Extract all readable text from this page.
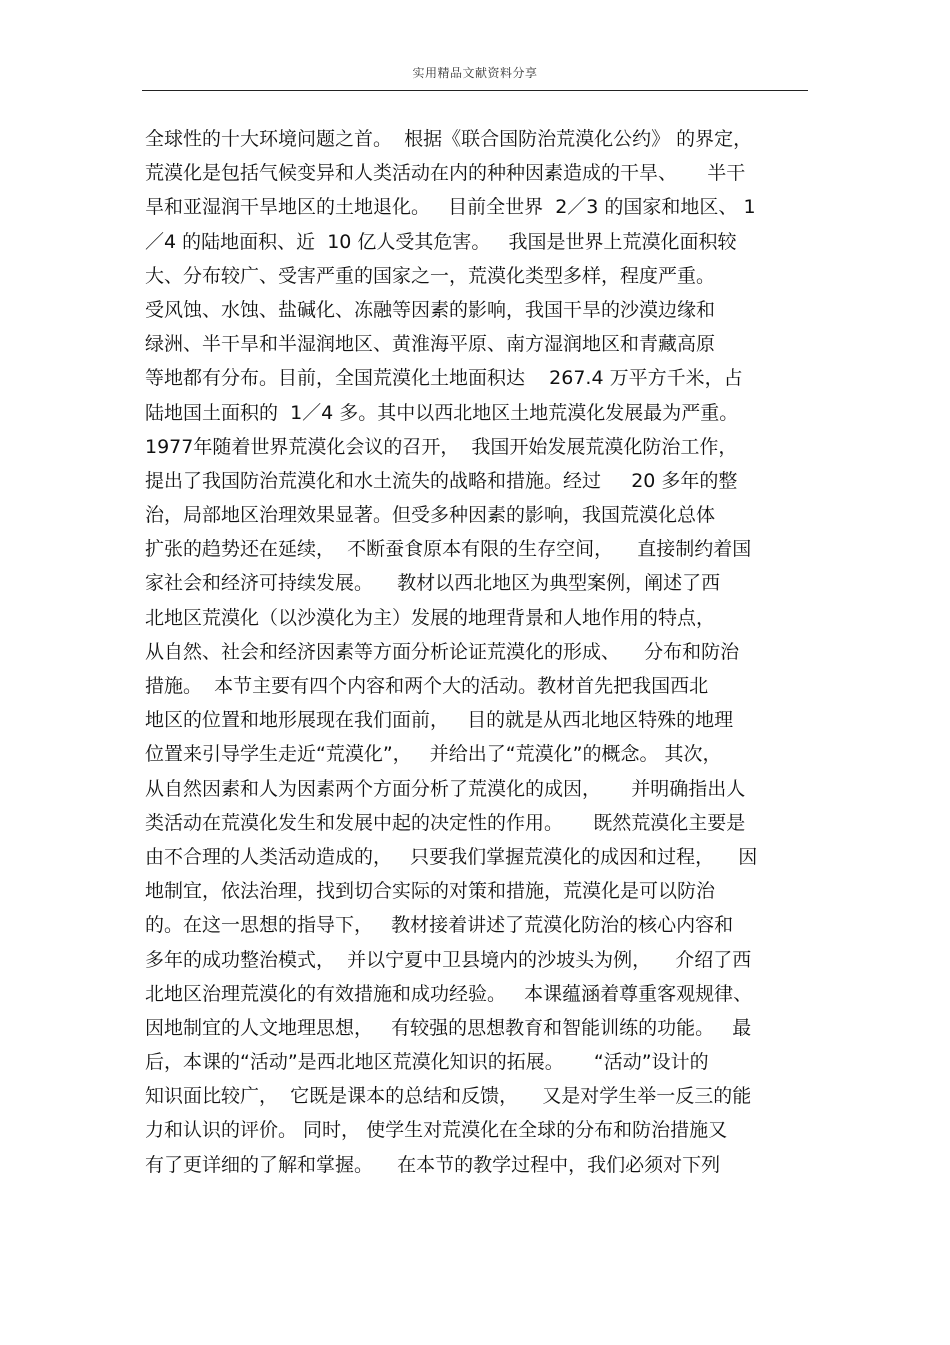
实用精品文献资料分享
全球性的十大环境问题之首。  根据《联合国防治荒漠化公约》 的界定，
荒漠化是包括气候变异和人类活动在内的种种因素造成的干旱、     半干
旱和亚湿润干旱地区的土地退化。   目前全世界  2／3 的国家和地区、 1
／4 的陆地面积、近  10 亿人受其危害。   我国是世界上荒漠化面积较
大、分布较广、受害严重的国家之一，荒漠化类型多样，程度严重。
受风蚀、水蚀、盐碱化、冻融等因素的影响，我国干旱的沙漠边缘和
绿洲、半干旱和半湿润地区、黄淮海平原、南方湿润地区和青藏高原
等地都有分布。目前，全国荒漠化土地面积达    267.4 万平方千米，占
陆地国土面积的  1／4 多。其中以西北地区土地荒漠化发展最为严重。
1977年随着世界荒漠化会议的召开，  我国开始发展荒漠化防治工作，
提出了我国防治荒漠化和水土流失的战略和措施。经过     20 多年的整
治，局部地区治理效果显著。但受多种因素的影响，我国荒漠化总体
扩张的趋势还在延续，  不断蚕食原本有限的生存空间，    直接制约着国
家社会和经济可持续发展。    教材以西北地区为典型案例，阐述了西
北地区荒漠化（以沙漠化为主）发展的地理背景和人地作用的特点，
从自然、社会和经济因素等方面分析论证荒漠化的形成、    分布和防治
措施。  本节主要有四个内容和两个大的活动。教材首先把我国西北
地区的位置和地形展现在我们面前，   目的就是从西北地区特殊的地理
位置来引导学生走近“荒漠化”，   并给出了“荒漠化”的概念。 其次，
从自然因素和人为因素两个方面分析了荒漠化的成因，     并明确指出人
类活动在荒漠化发生和发展中起的决定性的作用。     既然荒漠化主要是
由不合理的人类活动造成的，   只要我们掌握荒漠化的成因和过程，    因
地制宜，依法治理，找到切合实际的对策和措施，荒漠化是可以防治
的。在这一思想的指导下，   教材接着讲述了荒漠化防治的核心内容和
多年的成功整治模式，  并以宁夏中卫县境内的沙坡头为例，    介绍了西
北地区治理荒漠化的有效措施和成功经验。   本课蕴涵着尊重客观规律、
因地制宜的人文地理思想，   有较强的思想教育和智能训练的功能。   最
后，本课的“活动”是西北地区荒漠化知识的拓展。     “活动”设计的
知识面比较广，  它既是课本的总结和反馈，    又是对学生举一反三的能
力和认识的评价。 同时， 使学生对荒漠化在全球的分布和防治措施又
有了更详细的了解和掌握。    在本节的教学过程中，我们必须对下列
